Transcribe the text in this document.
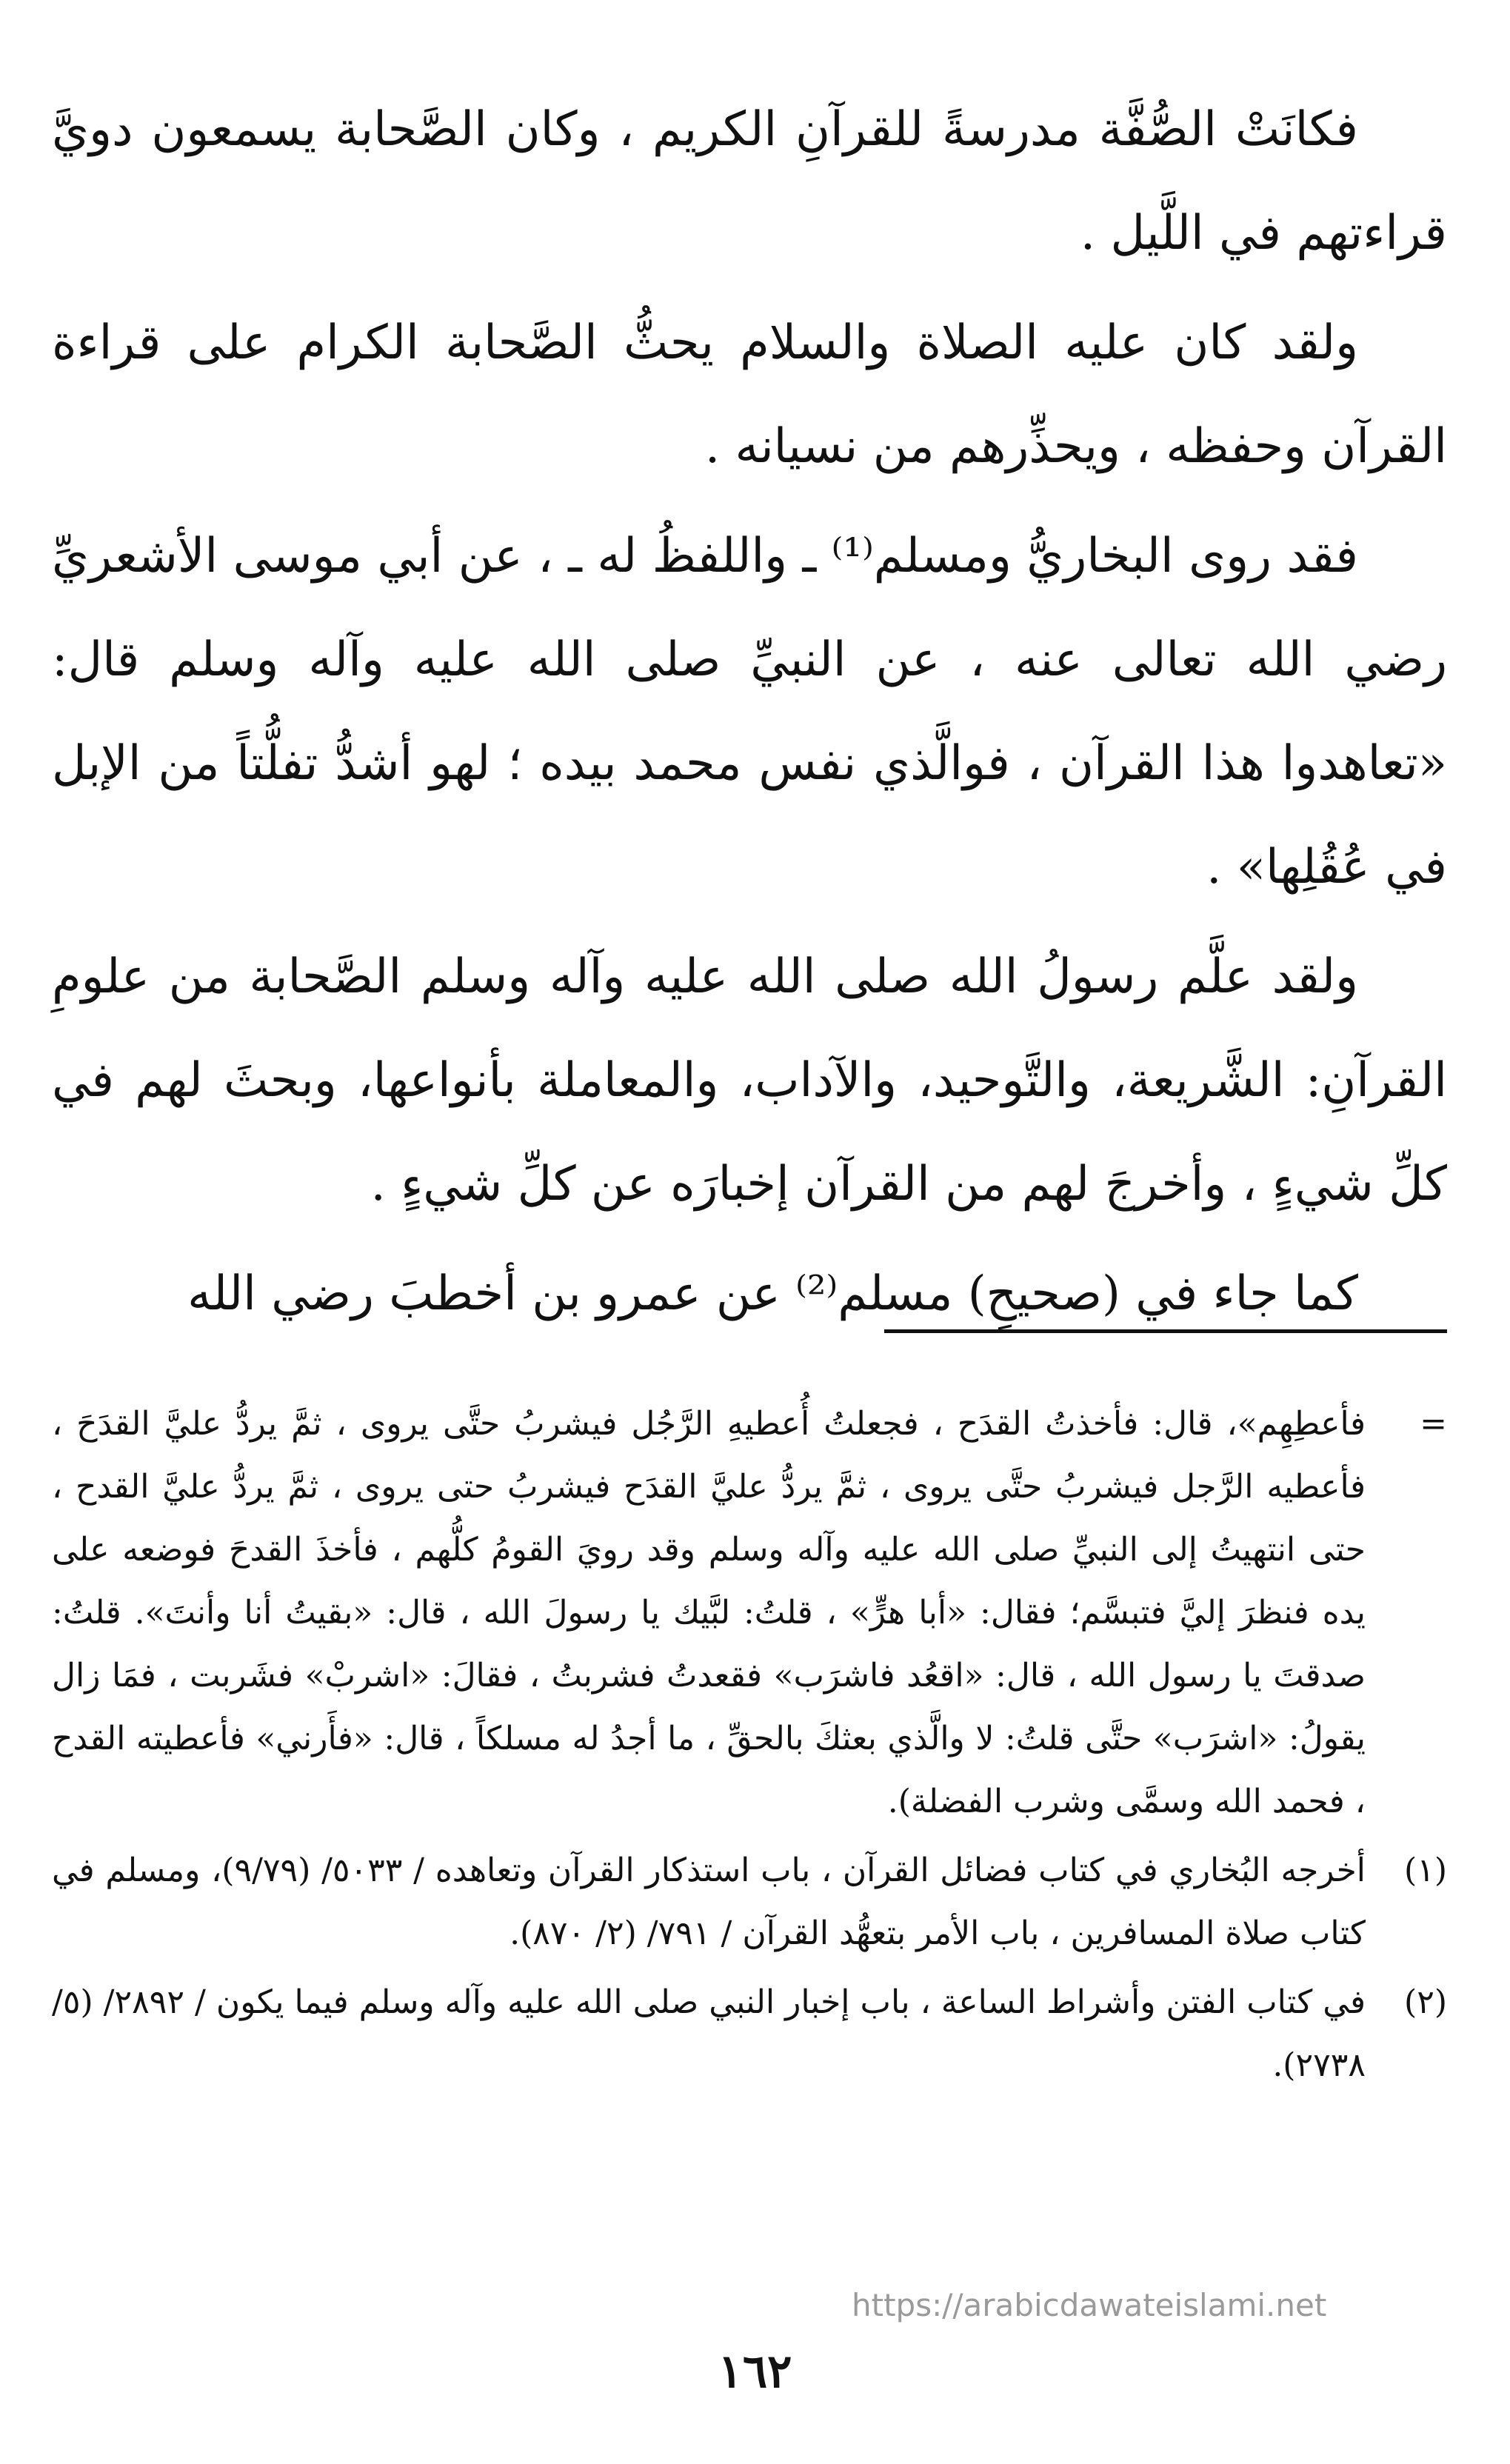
فكانَتْ الصُّفَّة مدرسةً للقرآنِ الكريم ، وكان الصَّحابة يسمعون دويَّ قراءتهم في اللَّيل .

ولقد كان عليه الصلاة والسلام يحثُّ الصَّحابة الكرام على قراءة القرآن وحفظه ، ويحذِّرهم من نسيانه .

فقد روى البخاريُّ ومسلم⁽¹⁾ ـ واللفظُ له ـ ، عن أبي موسى الأشعريِّ رضي الله تعالى عنه ، عن النبيِّ صلى الله عليه وآله وسلم قال: «تعاهدوا هذا القرآن ، فوالَّذي نفس محمد بيده ؛ لهو أشدُّ تفلُّتاً من الإبل في عُقُلِها» .

ولقد علَّم رسولُ الله صلى الله عليه وآله وسلم الصَّحابة من علومِ القرآنِ: الشَّريعة، والتَّوحيد، والآداب، والمعاملة بأنواعها، وبحثَ لهم في كلِّ شيءٍ ، وأخرجَ لهم من القرآن إخبارَه عن كلِّ شيءٍ .

كما جاء في (صحيحِ) مسلم⁽²⁾ عن عمرو بن أخطبَ رضي الله

=
فأعطِهِم»، قال: فأخذتُ القدَح ، فجعلتُ أُعطيهِ الرَّجُل فيشربُ حتَّى يروى ، ثمَّ يردُّ عليَّ القدَحَ ، فأعطيه الرَّجل فيشربُ حتَّى يروى ، ثمَّ يردُّ عليَّ القدَح فيشربُ حتى يروى ، ثمَّ يردُّ عليَّ القدح ، حتى انتهيتُ إلى النبيِّ صلى الله عليه وآله وسلم وقد رويَ القومُ كلُّهم ، فأخذَ القدحَ فوضعه على يده فنظرَ إليَّ فتبسَّم؛ فقال: «أبا هرٍّ» ، قلتُ: لبَّيك يا رسولَ الله ، قال: «بقيتُ أنا وأنتَ». قلتُ: صدقتَ يا رسول الله ، قال: «اقعُد فاشرَب» فقعدتُ فشربتُ ، فقالَ: «اشربْ» فشَربت ، فمَا زال يقولُ: «اشرَب» حتَّى قلتُ: لا والَّذي بعثكَ بالحقِّ ، ما أجدُ له مسلكاً ، قال: «فأَرني» فأعطيته القدح ، فحمد الله وسمَّى وشرب الفضلة).
(١)
أخرجه البُخاري في كتاب فضائل القرآن ، باب استذكار القرآن وتعاهده / ٥٠٣٣/ (٩/٧٩)، ومسلم في كتاب صلاة المسافرين ، باب الأمر بتعهُّد القرآن / ٧٩١/ (٢/ ٨٧٠).
(٢)
في كتاب الفتن وأشراط الساعة ، باب إخبار النبي صلى الله عليه وآله وسلم فيما يكون / ٢٨٩٢/ (٥/ ٢٧٣٨).
https://arabicdawateislami.net
١٦٢
